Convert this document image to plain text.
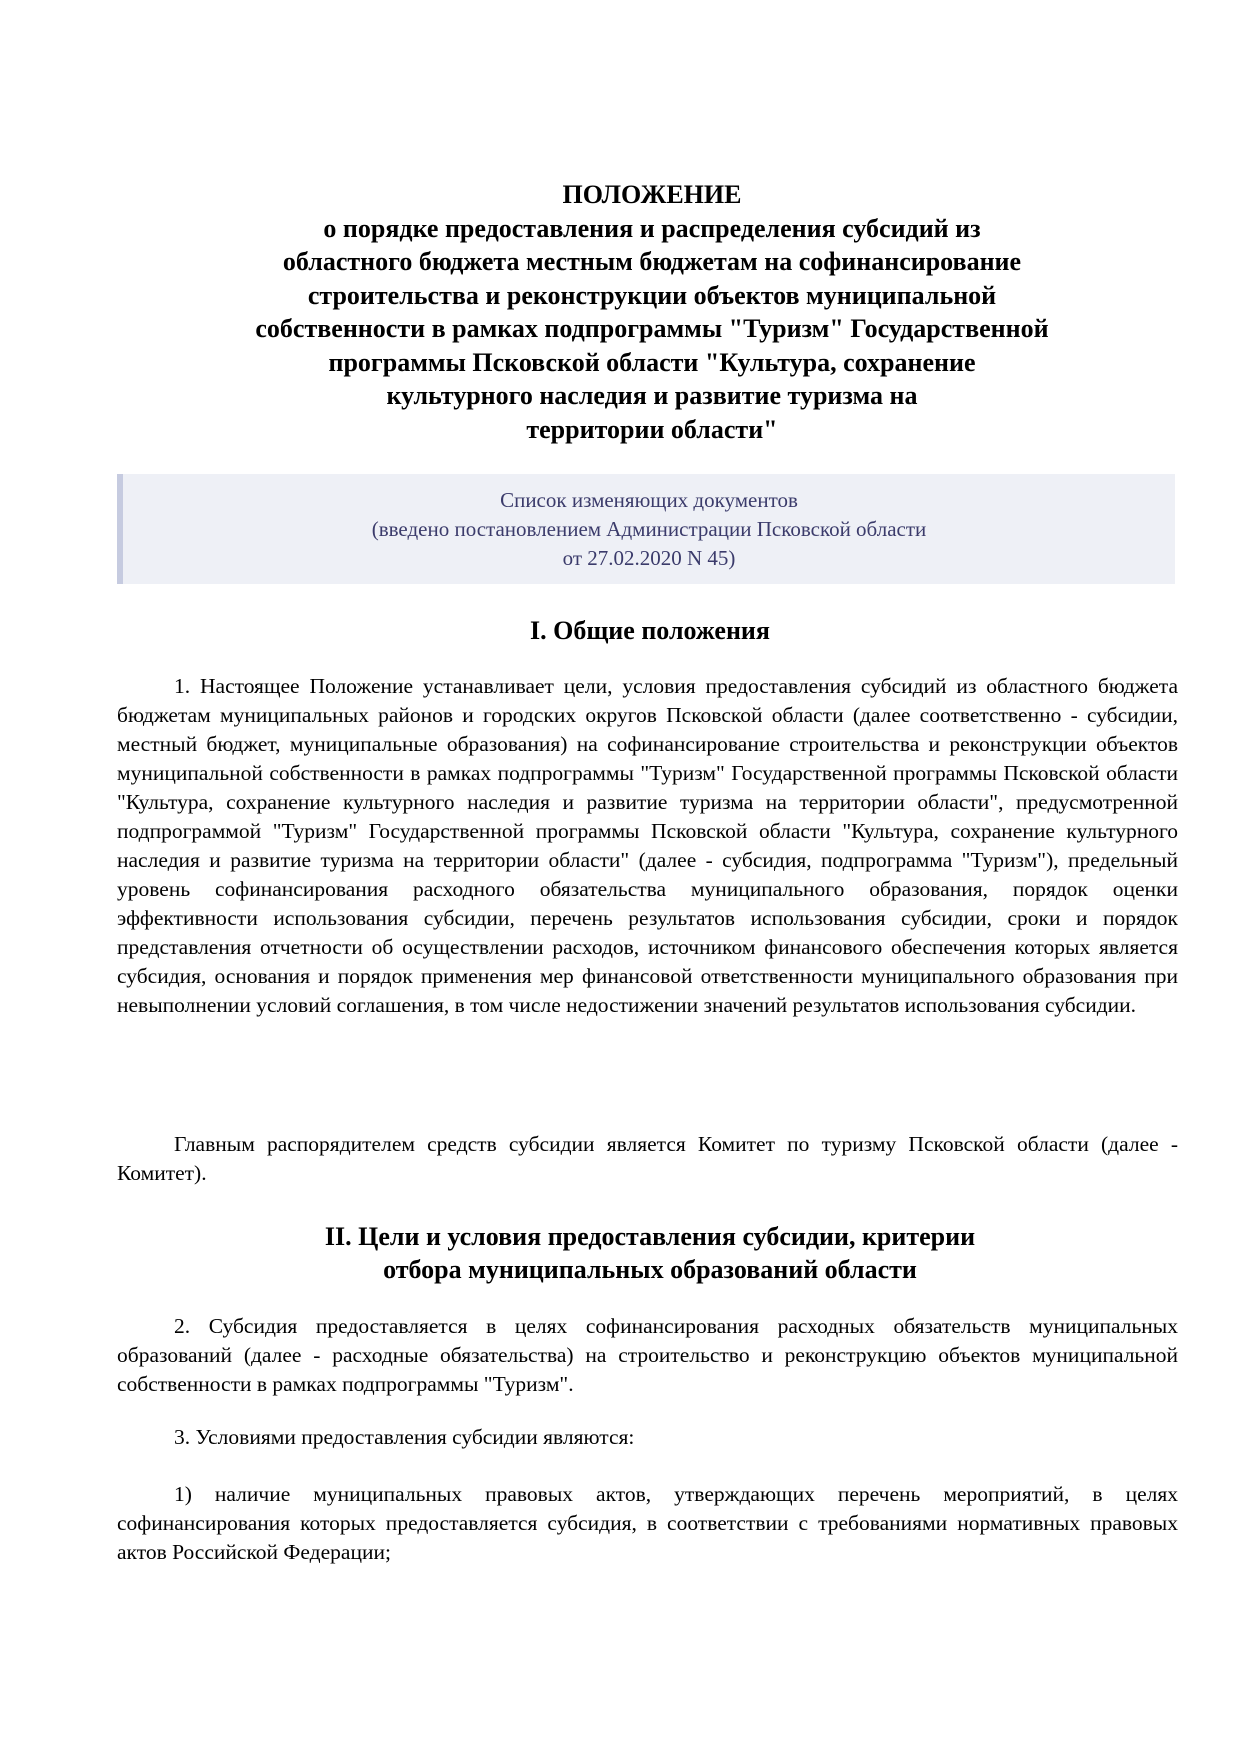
ПОЛОЖЕНИЕ
о порядке предоставления и распределения субсидий из
областного бюджета местным бюджетам на софинансирование
строительства и реконструкции объектов муниципальной
собственности в рамках подпрограммы "Туризм" Государственной
программы Псковской области "Культура, сохранение
культурного наследия и развитие туризма на
территории области"
Список изменяющих документов
(введено постановлением Администрации Псковской области
от 27.02.2020 N 45)
I. Общие положения

1. Настоящее Положение устанавливает цели, условия предоставления субсидий из областного бюджета бюджетам муниципальных районов и городских округов Псковской области (далее соответственно - субсидии, местный бюджет, муниципальные образования) на софинансирование строительства и реконструкции объектов муниципальной собственности в рамках подпрограммы "Туризм" Государственной программы Псковской области "Культура, сохранение культурного наследия и развитие туризма на территории области", предусмотренной подпрограммой "Туризм" Государственной программы Псковской области "Культура, сохранение культурного наследия и развитие туризма на территории области" (далее - субсидия, подпрограмма "Туризм"), предельный уровень софинансирования расходного обязательства муниципального образования, порядок оценки эффективности использования субсидии, перечень результатов использования субсидии, сроки и порядок представления отчетности об осуществлении расходов, источником финансового обеспечения которых является субсидия, основания и порядок применения мер финансовой ответственности муниципального образования при невыполнении условий соглашения, в том числе недостижении значений результатов использования субсидии.

Главным распорядителем средств субсидии является Комитет по туризму Псковской области (далее - Комитет).

II. Цели и условия предоставления субсидии, критерии
отбора муниципальных образований области

2. Субсидия предоставляется в целях софинансирования расходных обязательств муниципальных образований (далее - расходные обязательства) на строительство и реконструкцию объектов муниципальной собственности в рамках подпрограммы "Туризм".

3. Условиями предоставления субсидии являются:

1) наличие муниципальных правовых актов, утверждающих перечень мероприятий, в целях софинансирования которых предоставляется субсидия, в соответствии с требованиями нормативных правовых актов Российской Федерации;
